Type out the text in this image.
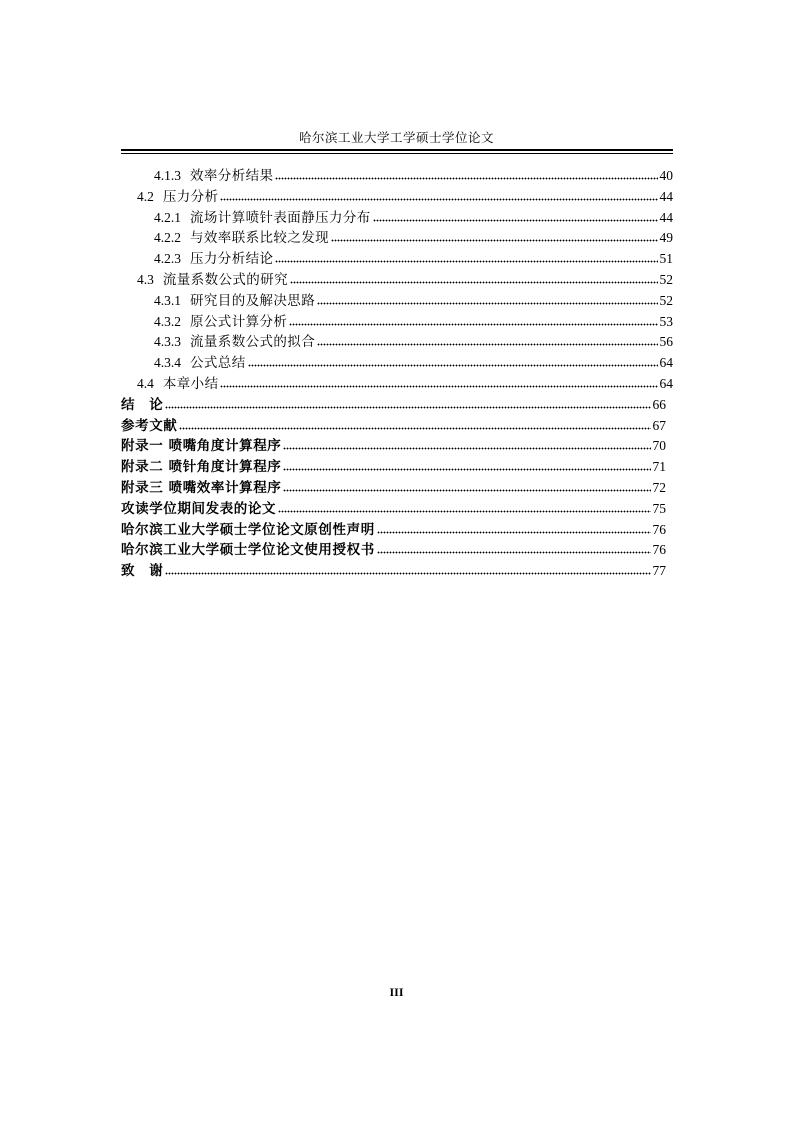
哈尔滨工业大学工学硕士学位论文
4.1.3 效率分析结果	40
4.2 压力分析	44
4.2.1 流场计算喷针表面静压力分布	44
4.2.2 与效率联系比较之发现	49
4.2.3 压力分析结论	51
4.3 流量系数公式的研究	52
4.3.1 研究目的及解决思路	52
4.3.2 原公式计算分析	53
4.3.3 流量系数公式的拟合	56
4.3.4 公式总结	64
4.4 本章小结	64
结　论	66
参考文献	67
附录一 喷嘴角度计算程序	70
附录二 喷针角度计算程序	71
附录三 喷嘴效率计算程序	72
攻读学位期间发表的论文	75
哈尔滨工业大学硕士学位论文原创性声明	76
哈尔滨工业大学硕士学位论文使用授权书	76
致　谢	77
III
